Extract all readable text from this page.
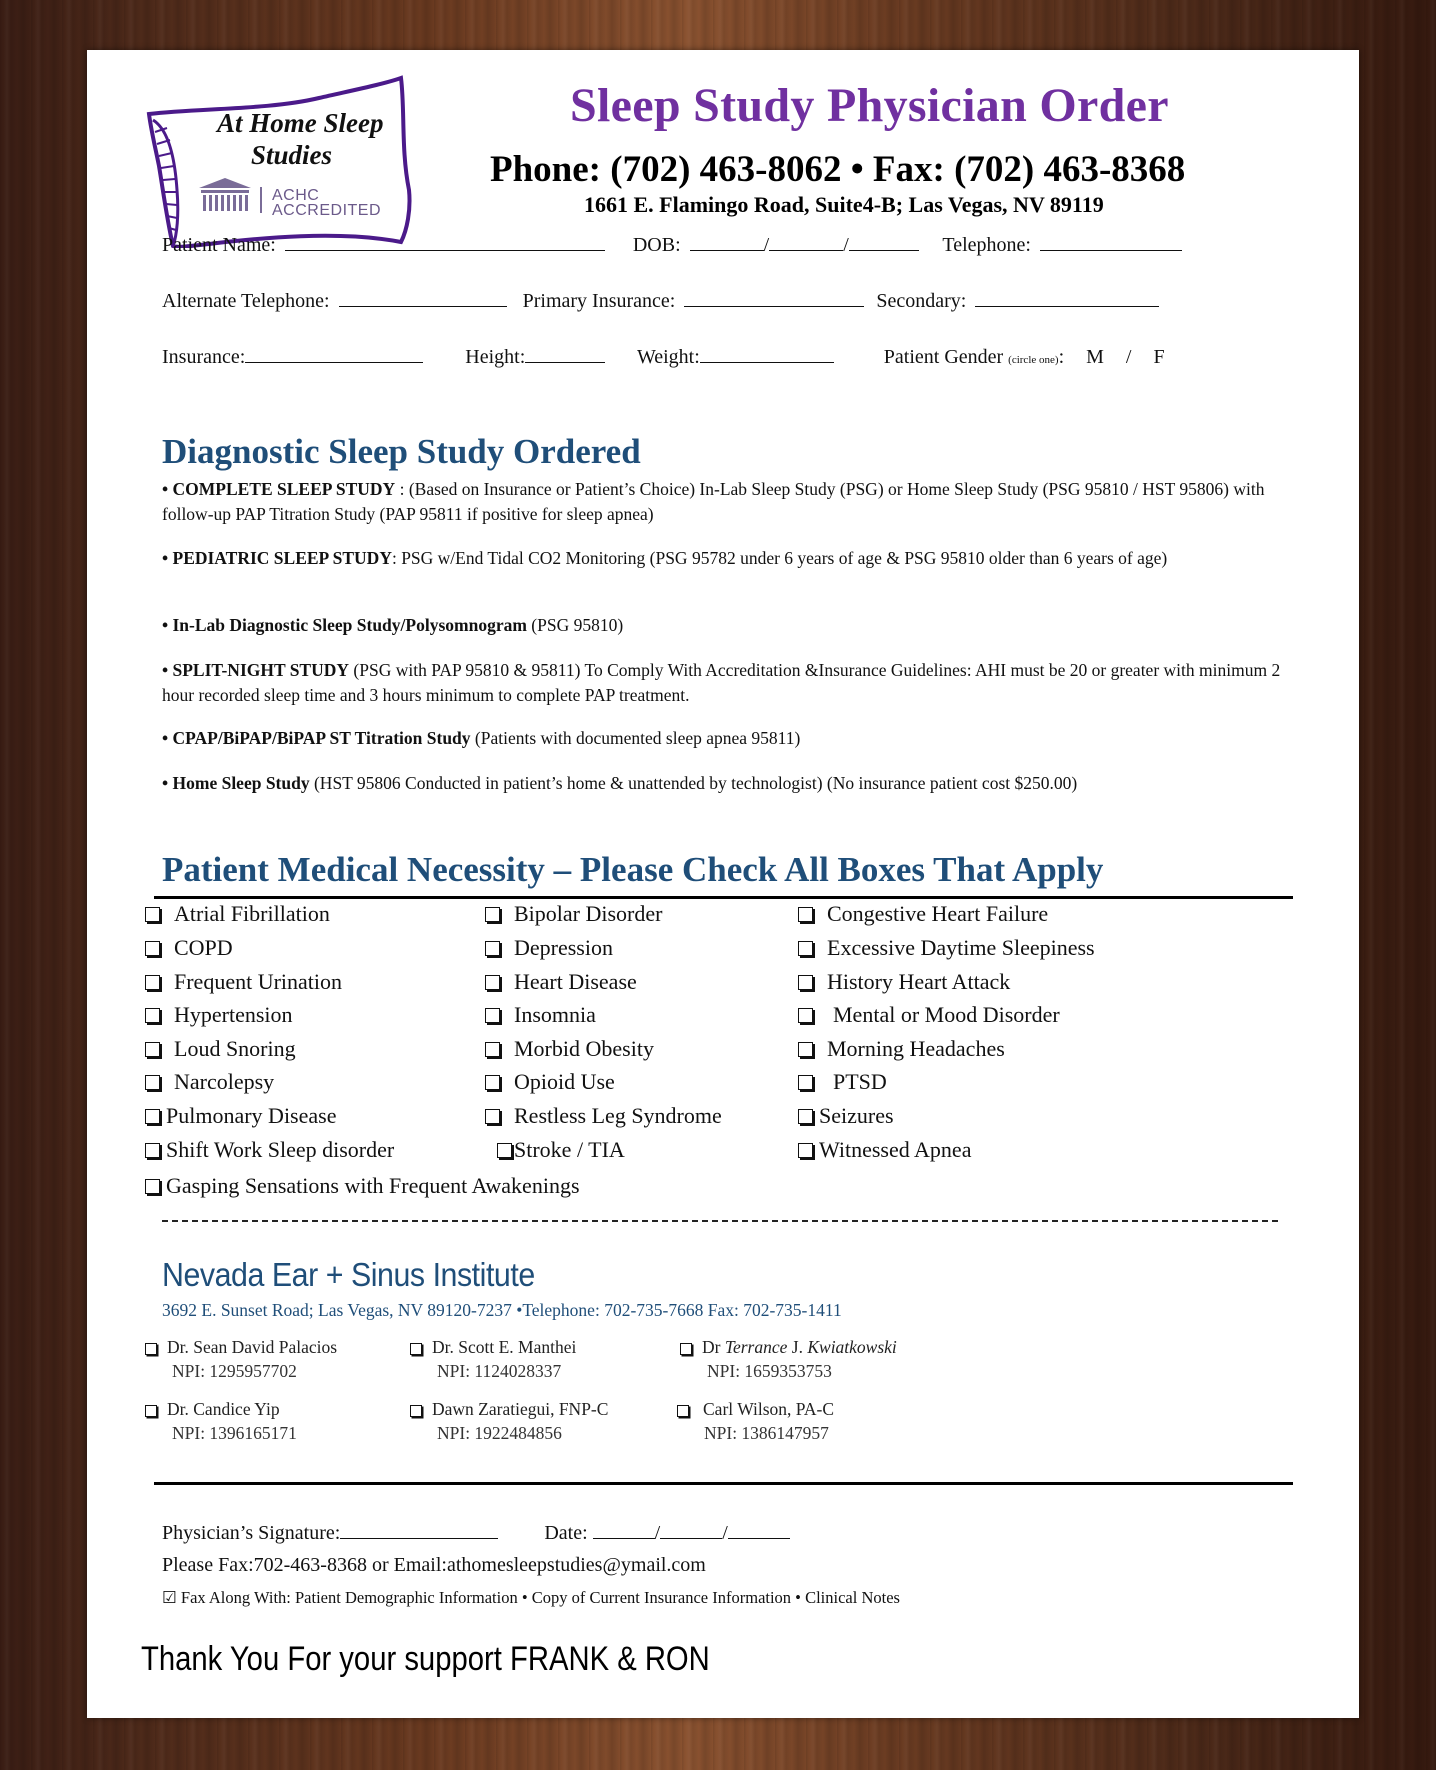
At Home Sleep
Studies
ACHC
ACCREDITED
Sleep Study Physician Order
Phone: (702) 463-8062 • Fax: (702) 463-8368
1661 E. Flamingo Road, Suite4-B; Las Vegas, NV 89119
Patient Name:	DOB:	/	/	Telephone:
Alternate Telephone:	Primary Insurance:	Secondary:
Insurance:	Height:	Weight:	Patient Gender (circle one): M / F
Diagnostic Sleep Study Ordered
• COMPLETE SLEEP STUDY : (Based on Insurance or Patient’s Choice) In-Lab Sleep Study (PSG) or Home Sleep Study (PSG 95810 / HST 95806) with follow-up PAP Titration Study (PAP 95811 if positive for sleep apnea)
• PEDIATRIC SLEEP STUDY: PSG w/End Tidal CO2 Monitoring (PSG 95782 under 6 years of age & PSG 95810 older than 6 years of age)
• In-Lab Diagnostic Sleep Study/Polysomnogram (PSG 95810)
• SPLIT-NIGHT STUDY (PSG with PAP 95810 & 95811) To Comply With Accreditation &Insurance Guidelines: AHI must be 20 or greater with minimum 2 hour recorded sleep time and 3 hours minimum to complete PAP treatment.
• CPAP/BiPAP/BiPAP ST Titration Study (Patients with documented sleep apnea 95811)
• Home Sleep Study (HST 95806 Conducted in patient’s home & unattended by technologist) (No insurance patient cost $250.00)
Patient Medical Necessity – Please Check All Boxes That Apply
Atrial Fibrillation
COPD
Frequent Urination
Hypertension
Loud Snoring
Narcolepsy
Pulmonary Disease
Shift Work Sleep disorder
Gasping Sensations with Frequent Awakenings
Bipolar Disorder
Depression
Heart Disease
Insomnia
Morbid Obesity
Opioid Use
Restless Leg Syndrome
Stroke / TIA
Congestive Heart Failure
Excessive Daytime Sleepiness
History Heart Attack
Mental or Mood Disorder
Morning Headaches
PTSD
Seizures
Witnessed Apnea
Nevada Ear + Sinus Institute
3692 E. Sunset Road; Las Vegas, NV 89120-7237 •Telephone: 702-735-7668 Fax: 702-735-1411
Dr. Sean David Palacios
NPI: 1295957702
Dr. Scott E. Manthei
NPI: 1124028337
Dr Terrance J. Kwiatkowski
NPI: 1659353753
Dr. Candice Yip
NPI: 1396165171
Dawn Zaratiegui, FNP-C
NPI: 1922484856
Carl Wilson, PA-C
NPI: 1386147957
Physician’s Signature:	Date:	/	/
Please Fax:702-463-8368 or Email:athomesleepstudies@ymail.com
☑ Fax Along With: Patient Demographic Information • Copy of Current Insurance Information • Clinical Notes
Thank You For your support FRANK & RON
